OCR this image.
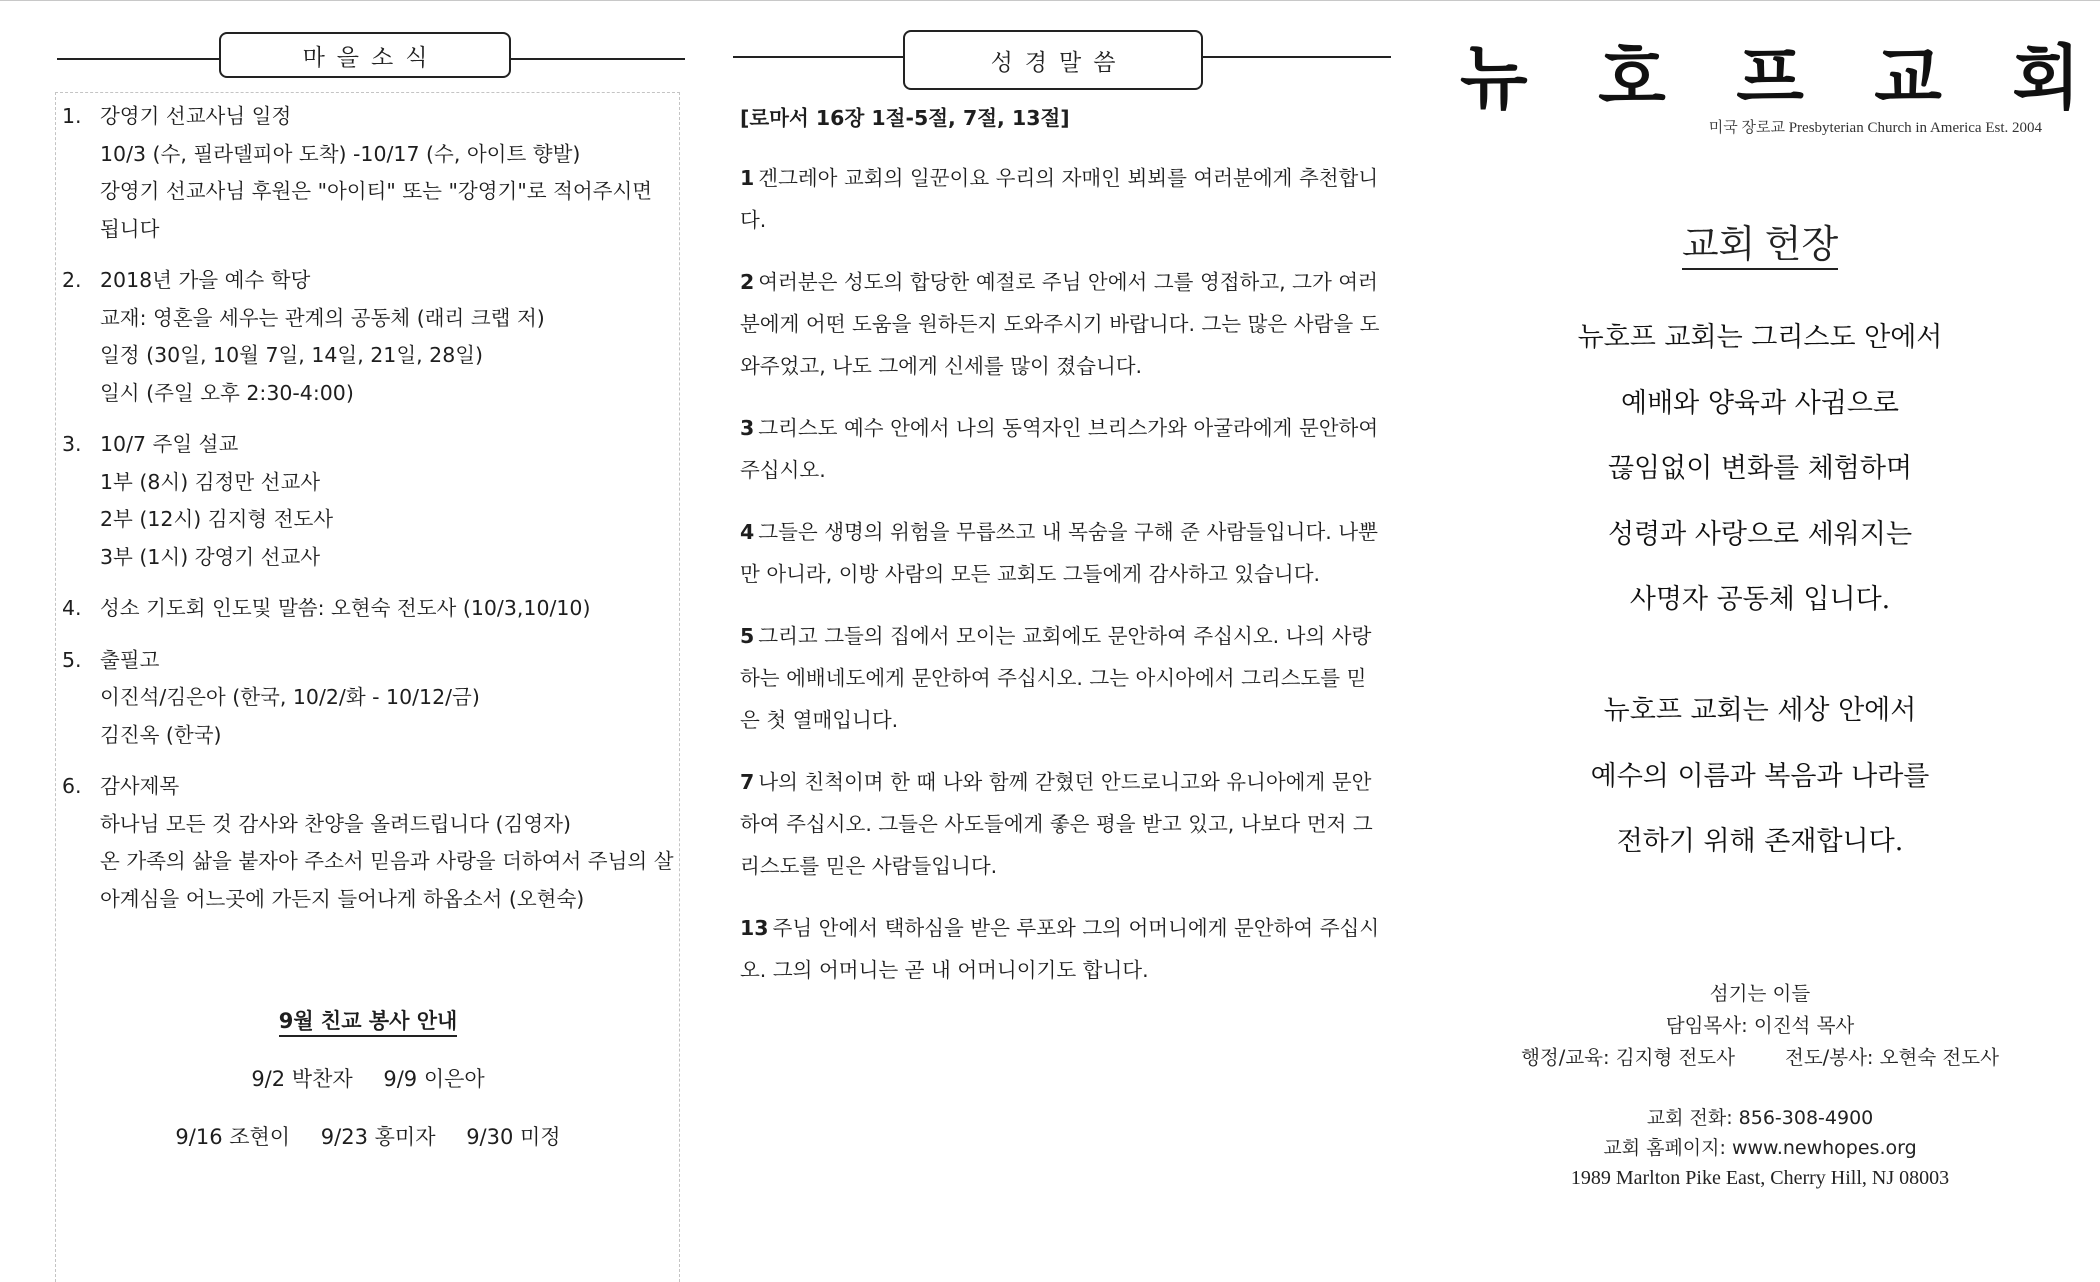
마을소식
1. 강영기 선교사님 일정
10/3 (수, 필라델피아 도착) -10/17 (수, 아이트 향발)
강영기 선교사님 후원은 "아이티" 또는 "강영기"로 적어주시면 됩니다
2. 2018년 가을 예수 학당
교재: 영혼을 세우는 관계의 공동체 (래리 크랩 저)
일정 (30일, 10월 7일, 14일, 21일, 28일)
일시 (주일 오후 2:30-4:00)
3. 10/7 주일 설교
1부 (8시) 김정만 선교사
2부 (12시) 김지형 전도사
3부 (1시) 강영기 선교사
4. 성소 기도회 인도및 말씀: 오현숙 전도사 (10/3,10/10)
5. 출필고
이진석/김은아 (한국, 10/2/화 - 10/12/금)
김진옥 (한국)
6. 감사제목
하나님 모든 것 감사와 찬양을 올려드립니다 (김영자)
온 가족의 삶을 붙자아 주소서 믿음과 사랑을 더하여서 주님의 살아계심을 어느곳에 가든지 들어나게 하옵소서 (오현숙)
9월 친교 봉사 안내
9/2 박찬자 9/9 이은아
9/16 조현이 9/23 홍미자 9/30 미정
성경말씀
[로마서 16장 1절-5절, 7절, 13절]
1 겐그레아 교회의 일꾼이요 우리의 자매인 뵈뵈를 여러분에게 추천합니다.
2 여러분은 성도의 합당한 예절로 주님 안에서 그를 영접하고, 그가 여러분에게 어떤 도움을 원하든지 도와주시기 바랍니다. 그는 많은 사람을 도와주었고, 나도 그에게 신세를 많이 졌습니다.
3 그리스도 예수 안에서 나의 동역자인 브리스가와 아굴라에게 문안하여 주십시오.
4 그들은 생명의 위험을 무릅쓰고 내 목숨을 구해 준 사람들입니다. 나뿐만 아니라, 이방 사람의 모든 교회도 그들에게 감사하고 있습니다.
5 그리고 그들의 집에서 모이는 교회에도 문안하여 주십시오. 나의 사랑하는 에배네도에게 문안하여 주십시오. 그는 아시아에서 그리스도를 믿은 첫 열매입니다.
7 나의 친척이며 한 때 나와 함께 갇혔던 안드로니고와 유니아에게 문안하여 주십시오. 그들은 사도들에게 좋은 평을 받고 있고, 나보다 먼저 그리스도를 믿은 사람들입니다.
13 주님 안에서 택하심을 받은 루포와 그의 어머니에게 문안하여 주십시오. 그의 어머니는 곧 내 어머니이기도 합니다.
뉴 호 프 교 회
미국 장로교 Presbyterian Church in America Est. 2004
교회 헌장
뉴호프 교회는 그리스도 안에서
예배와 양육과 사귐으로
끊임없이 변화를 체험하며
성령과 사랑으로 세워지는
사명자 공동체 입니다.
뉴호프 교회는 세상 안에서
예수의 이름과 복음과 나라를
전하기 위해 존재합니다.
섬기는 이들
담임목사: 이진석 목사
행정/교육: 김지형 전도사	전도/봉사: 오현숙 전도사
교회 전화: 856-308-4900
교회 홈페이지: www.newhopes.org
1989 Marlton Pike East, Cherry Hill, NJ 08003
